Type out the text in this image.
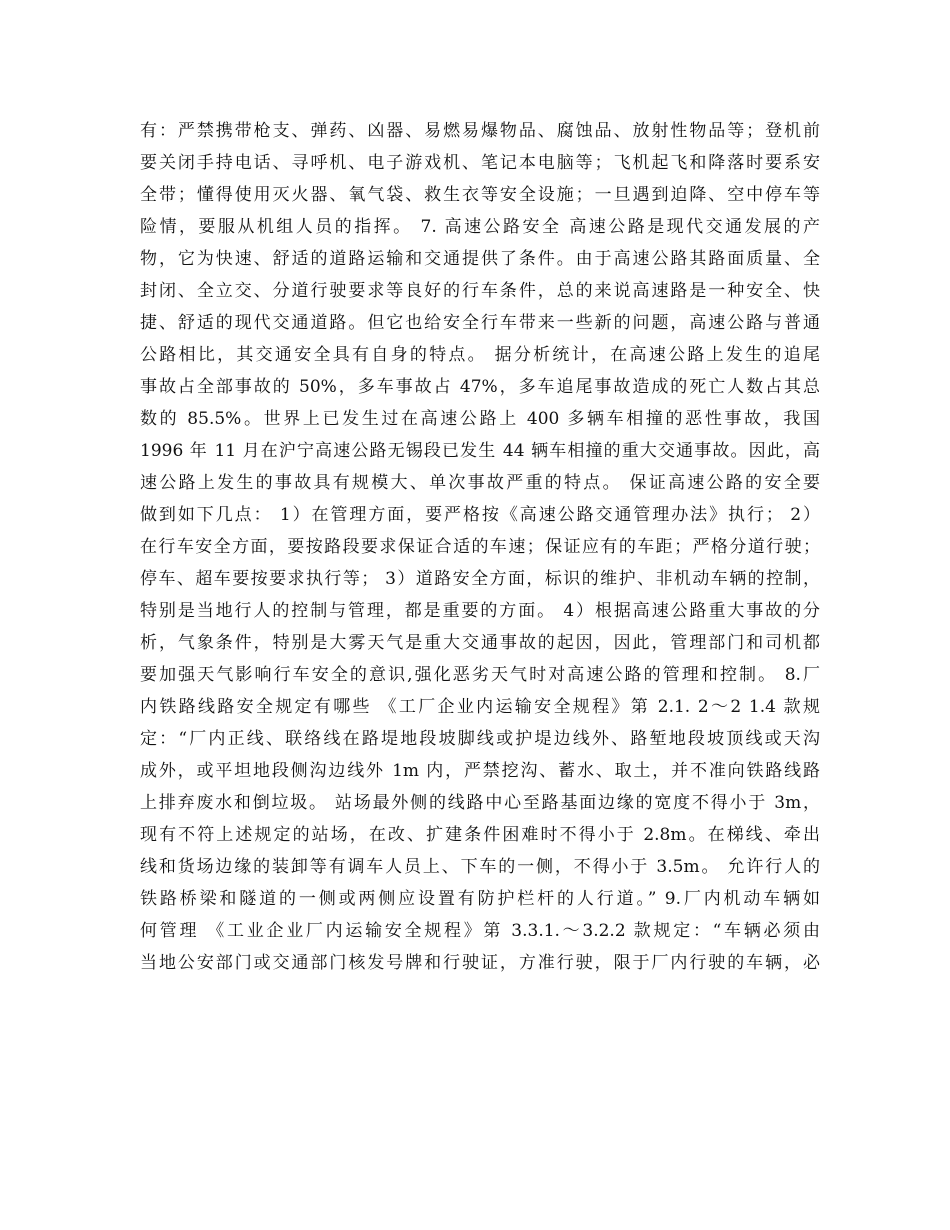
有：严禁携带枪支、弹药、凶器、易燃易爆物品、腐蚀品、放射性物品等；登机前
要关闭手持电话、寻呼机、电子游戏机、笔记本电脑等；飞机起飞和降落时要系安
全带；懂得使用灭火器、氧气袋、救生衣等安全设施；一旦遇到迫降、空中停车等
险情，要服从机组人员的指挥。 7. 高速公路安全 高速公路是现代交通发展的产
物，它为快速、舒适的道路运输和交通提供了条件。由于高速公路其路面质量、全
封闭、全立交、分道行驶要求等良好的行车条件，总的来说高速路是一种安全、快
捷、舒适的现代交通道路。但它也给安全行车带来一些新的问题，高速公路与普通
公路相比，其交通安全具有自身的特点。 据分析统计，在高速公路上发生的追尾
事故占全部事故的 50%，多车事故占 47%，多车追尾事故造成的死亡人数占其总
数的 85.5%。世界上已发生过在高速公路上 400 多辆车相撞的恶性事故，我国
1996 年 11 月在沪宁高速公路无锡段已发生 44 辆车相撞的重大交通事故。因此，高
速公路上发生的事故具有规模大、单次事故严重的特点。 保证高速公路的安全要
做到如下几点： 1）在管理方面，要严格按《高速公路交通管理办法》执行； 2）
在行车安全方面，要按路段要求保证合适的车速；保证应有的车距；严格分道行驶；
停车、超车要按要求执行等； 3）道路安全方面，标识的维护、非机动车辆的控制，
特别是当地行人的控制与管理，都是重要的方面。 4）根据高速公路重大事故的分
析，气象条件，特别是大雾天气是重大交通事故的起因，因此，管理部门和司机都
要加强天气影响行车安全的意识,强化恶劣天气时对高速公路的管理和控制。 8.厂
内铁路线路安全规定有哪些 《工厂企业内运输安全规程》第 2.1. 2～2 1.4 款规
定：“厂内正线、联络线在路堤地段坡脚线或护堤边线外、路堑地段坡顶线或天沟
成外，或平坦地段侧沟边线外 1m 内，严禁挖沟、蓄水、取土，并不准向铁路线路
上排弃废水和倒垃圾。 站场最外侧的线路中心至路基面边缘的宽度不得小于 3m，
现有不符上述规定的站场，在改、扩建条件困难时不得小于 2.8m。在梯线、牵出
线和货场边缘的装卸等有调车人员上、下车的一侧，不得小于 3.5m。 允许行人的
铁路桥梁和隧道的一侧或两侧应设置有防护栏杆的人行道。” 9.厂内机动车辆如
何管理 《工业企业厂内运输安全规程》第 3.3.1.～3.2.2 款规定：“车辆必须由
当地公安部门或交通部门核发号牌和行驶证，方准行驶，限于厂内行驶的车辆，必
